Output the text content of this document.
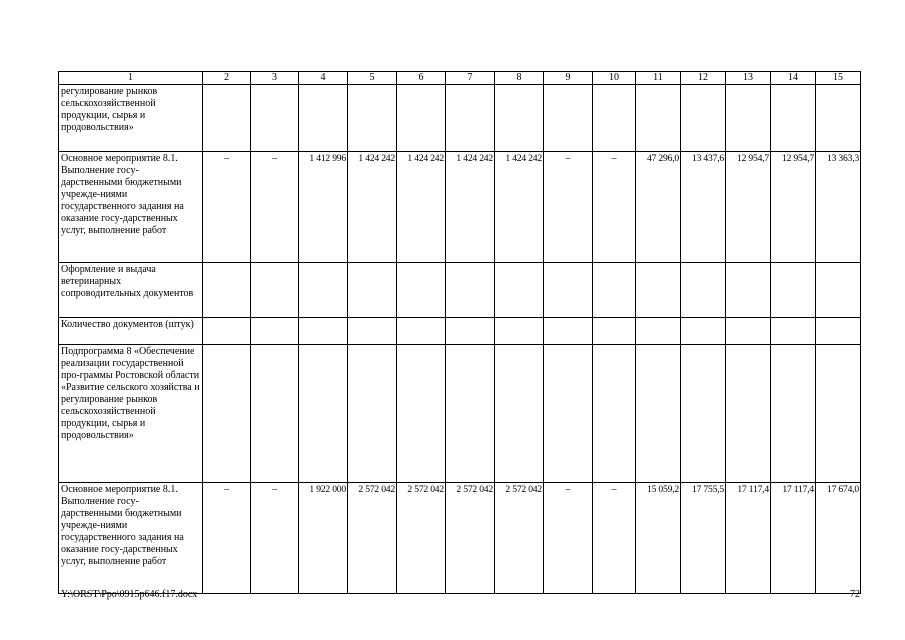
1	2	3	4	5	6	7	8	9	10	11	12	13	14	15
регулирование рынков сельскохозяйственной продукции, сырья и продовольствия»														
Основное мероприятие 8.1. Выполнение госу-дарственными бюджетными учрежде-ниями государственного задания на оказание госу-дарственных услуг, выполнение работ	–	–	1 412 996	1 424 242	1 424 242	1 424 242	1 424 242	–	–	47 296,0	13 437,6	12 954,7	12 954,7	13 363,3
Оформление и выдача ветеринарных сопроводительных документов														
Количество документов (штук)														
Подпрограмма 8 «Обеспечение реализации государственной про-граммы Ростовской области «Развитие сельского хозяйства и регулирование рынков сельскохозяйственной продукции, сырья и продовольствия»														
Основное мероприятие 8.1. Выполнение госу-дарственными бюджетными учрежде-ниями государственного задания на оказание госу-дарственных услуг, выполнение работ	–	–	1 922 000	2 572 042	2 572 042	2 572 042	2 572 042	–	–	15 059,2	17 755,5	17 117,4	17 117,4	17 674,0
Y:\ORST\Ppo\0915p646.f17.docx	72
